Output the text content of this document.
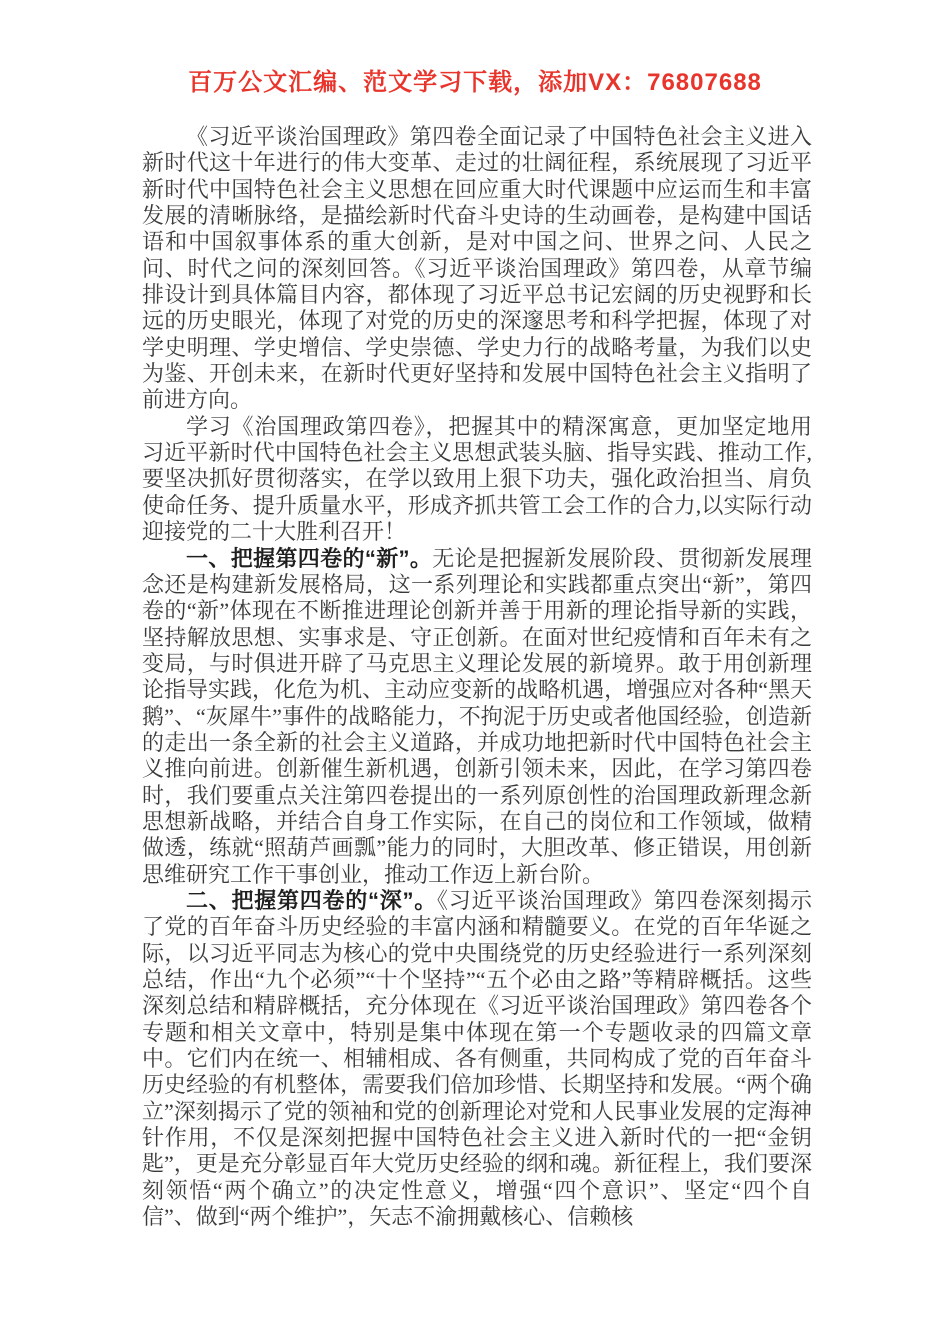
百万公文汇编、范文学习下载，添加VX：76807688

《习近平谈治国理政》第四卷全面记录了中国特色社会主义进入新时代这十年进行的伟大变革、走过的壮阔征程，系统展现了习近平新时代中国特色社会主义思想在回应重大时代课题中应运而生和丰富发展的清晰脉络，是描绘新时代奋斗史诗的生动画卷，是构建中国话语和中国叙事体系的重大创新，是对中国之问、世界之问、人民之问、时代之问的深刻回答。《习近平谈治国理政》第四卷，从章节编排设计到具体篇目内容，都体现了习近平总书记宏阔的历史视野和长远的历史眼光，体现了对党的历史的深邃思考和科学把握，体现了对学史明理、学史增信、学史崇德、学史力行的战略考量，为我们以史为鉴、开创未来，在新时代更好坚持和发展中国特色社会主义指明了前进方向。

学习《治国理政第四卷》，把握其中的精深寓意，更加坚定地用习近平新时代中国特色社会主义思想武装头脑、指导实践、推动工作,要坚决抓好贯彻落实，在学以致用上狠下功夫，强化政治担当、肩负使命任务、提升质量水平，形成齐抓共管工会工作的合力,以实际行动迎接党的二十大胜利召开！

一、把握第四卷的“新”。无论是把握新发展阶段、贯彻新发展理念还是构建新发展格局，这一系列理论和实践都重点突出“新”，第四卷的“新”体现在不断推进理论创新并善于用新的理论指导新的实践，坚持解放思想、实事求是、守正创新。在面对世纪疫情和百年未有之变局，与时俱进开辟了马克思主义理论发展的新境界。敢于用创新理论指导实践，化危为机、主动应变新的战略机遇，增强应对各种“黑天鹅”、“灰犀牛”事件的战略能力，不拘泥于历史或者他国经验，创造新的走出一条全新的社会主义道路，并成功地把新时代中国特色社会主义推向前进。创新催生新机遇，创新引领未来，因此，在学习第四卷时，我们要重点关注第四卷提出的一系列原创性的治国理政新理念新思想新战略，并结合自身工作实际，在自己的岗位和工作领域，做精做透，练就“照葫芦画瓢”能力的同时，大胆改革、修正错误，用创新思维研究工作干事创业，推动工作迈上新台阶。

二、把握第四卷的“深”。《习近平谈治国理政》第四卷深刻揭示了党的百年奋斗历史经验的丰富内涵和精髓要义。在党的百年华诞之际，以习近平同志为核心的党中央围绕党的历史经验进行一系列深刻总结，作出“九个必须”“十个坚持”“五个必由之路”等精辟概括。这些深刻总结和精辟概括，充分体现在《习近平谈治国理政》第四卷各个专题和相关文章中，特别是集中体现在第一个专题收录的四篇文章中。它们内在统一、相辅相成、各有侧重，共同构成了党的百年奋斗历史经验的有机整体，需要我们倍加珍惜、长期坚持和发展。“两个确立”深刻揭示了党的领袖和党的创新理论对党和人民事业发展的定海神针作用，不仅是深刻把握中国特色社会主义进入新时代的一把“金钥匙”，更是充分彰显百年大党历史经验的纲和魂。新征程上，我们要深刻领悟“两个确立”的决定性意义，增强“四个意识”、坚定“四个自信”、做到“两个维护”，矢志不渝拥戴核心、信赖核
